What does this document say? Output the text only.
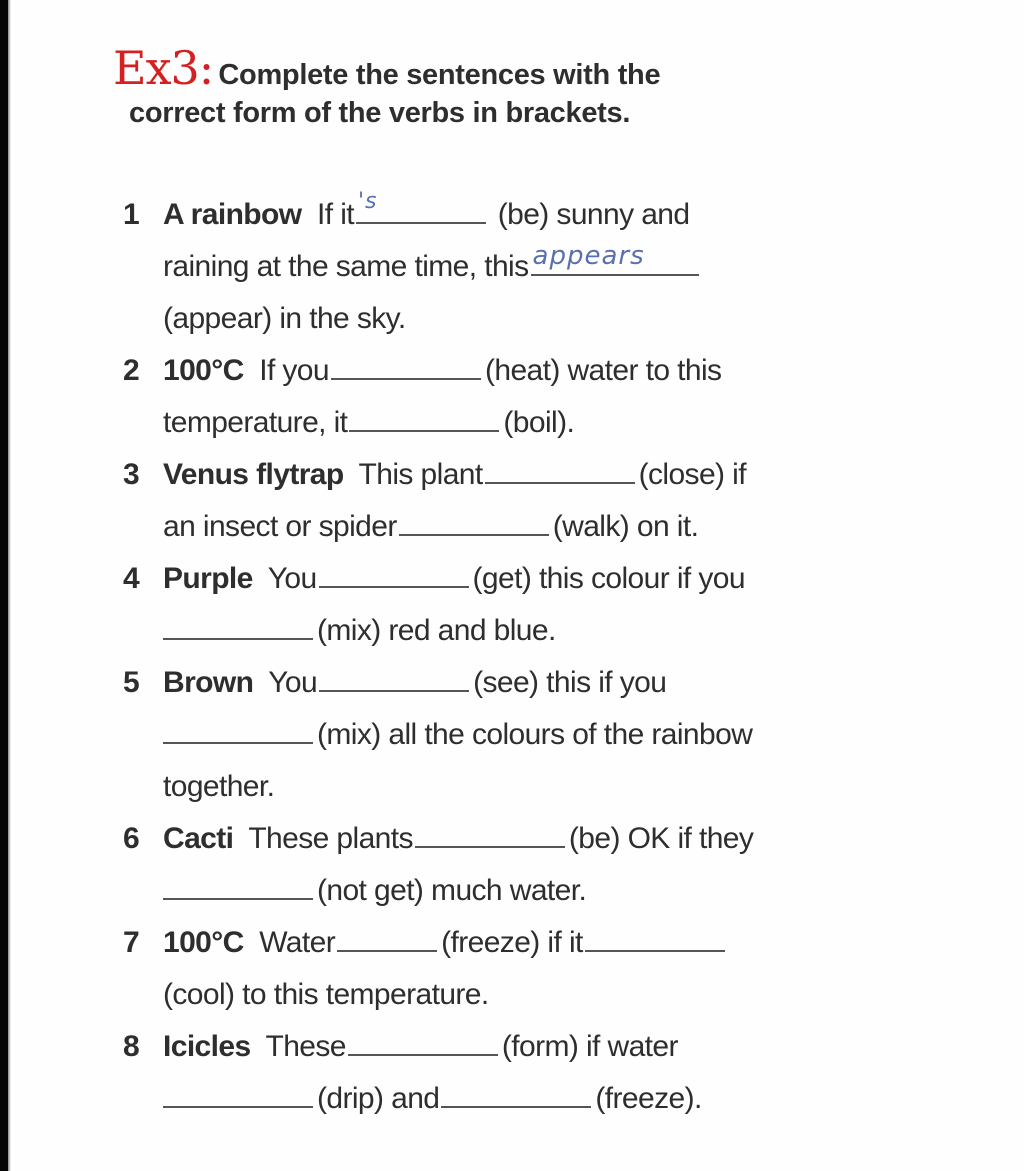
Ex3: Complete the sentences with the
correct form of the verbs in brackets.
1 A rainbow If it 's	(be) sunny and
raining at the same time, this appears
(appear) in the sky.
2 100°C If you	(heat) water to this
temperature, it	(boil).
3 Venus flytrap This plant	(close) if
an insect or spider	(walk) on it.
4 Purple You	(get) this colour if you
(mix) red and blue.
5 Brown You	(see) this if you
(mix) all the colours of the rainbow
together.
6 Cacti These plants	(be) OK if they
(not get) much water.
7 100°C Water	(freeze) if it
(cool) to this temperature.
8 Icicles These	(form) if water
(drip) and	(freeze).
